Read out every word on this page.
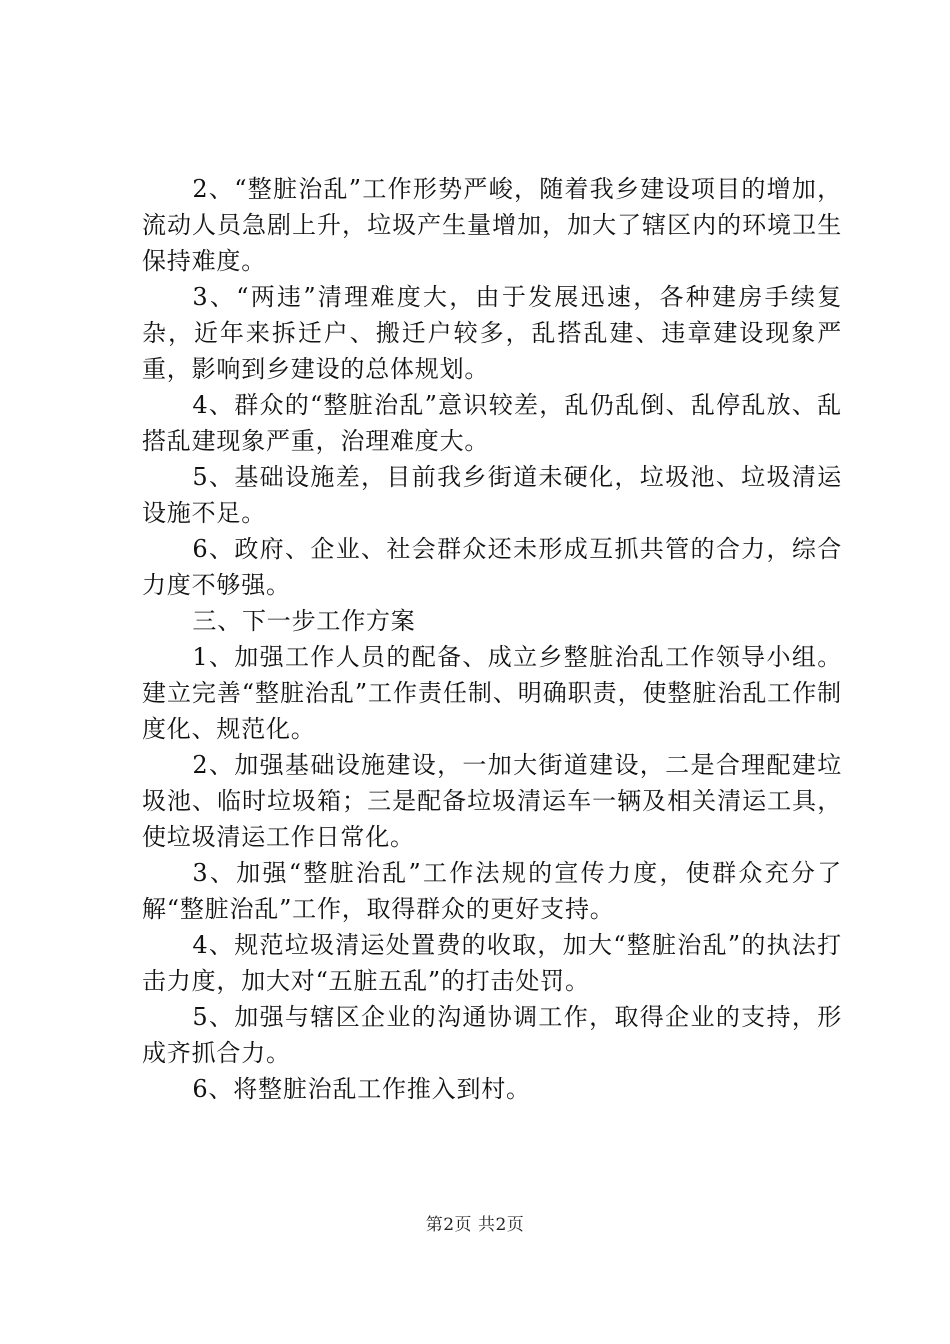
2、“整脏治乱”工作形势严峻，随着我乡建设项目的增加，流动人员急剧上升，垃圾产生量增加，加大了辖区内的环境卫生保持难度。

3、“两违”清理难度大，由于发展迅速，各种建房手续复杂，近年来拆迁户、搬迁户较多，乱搭乱建、违章建设现象严重，影响到乡建设的总体规划。

4、群众的“整脏治乱”意识较差，乱仍乱倒、乱停乱放、乱搭乱建现象严重，治理难度大。

5、基础设施差，目前我乡街道未硬化，垃圾池、垃圾清运设施不足。

6、政府、企业、社会群众还未形成互抓共管的合力，综合力度不够强。

三、下一步工作方案

1、加强工作人员的配备、成立乡整脏治乱工作领导小组。建立完善“整脏治乱”工作责任制、明确职责，使整脏治乱工作制度化、规范化。

2、加强基础设施建设，一加大街道建设，二是合理配建垃圾池、临时垃圾箱；三是配备垃圾清运车一辆及相关清运工具，使垃圾清运工作日常化。

3、加强“整脏治乱”工作法规的宣传力度，使群众充分了解“整脏治乱”工作，取得群众的更好支持。

4、规范垃圾清运处置费的收取，加大“整脏治乱”的执法打击力度，加大对“五脏五乱”的打击处罚。

5、加强与辖区企业的沟通协调工作，取得企业的支持，形成齐抓合力。

6、将整脏治乱工作推入到村。

第2页 共2页
